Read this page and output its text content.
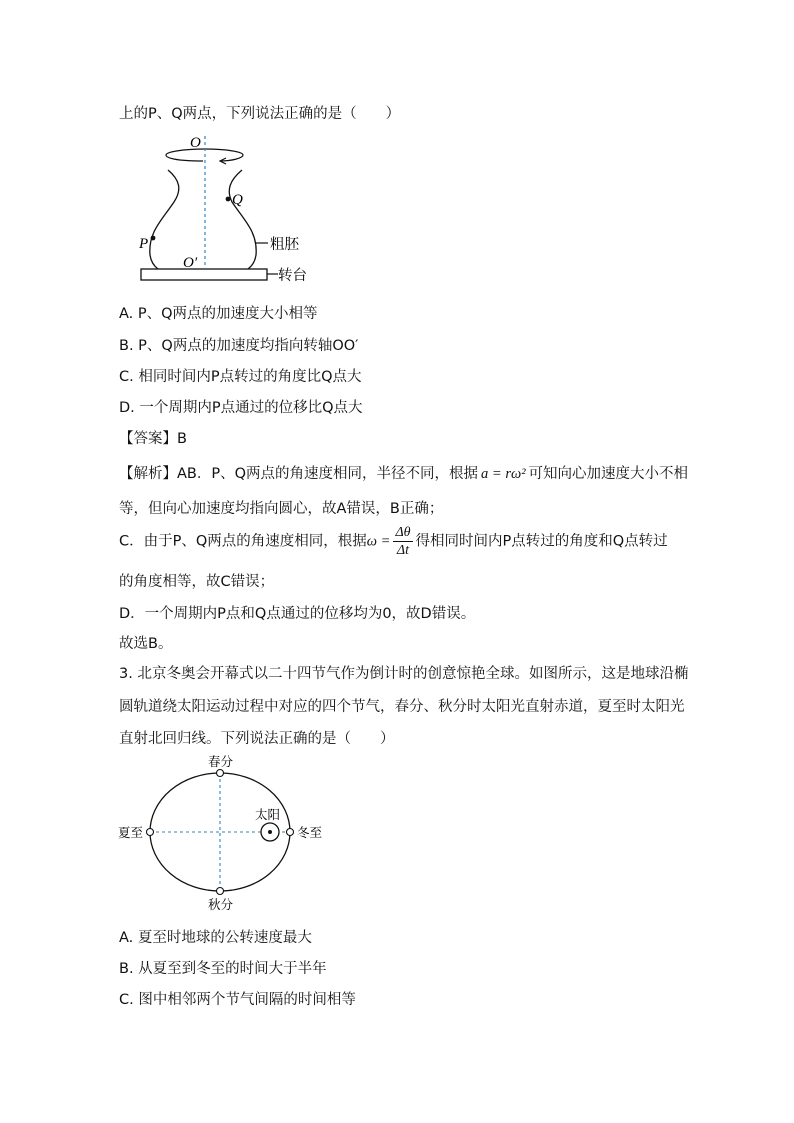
上的P、Q两点，下列说法正确的是（　　）
O
O′
P
Q
粗胚
转台
A. P、Q两点的加速度大小相等
B. P、Q两点的加速度均指向转轴OO′
C. 相同时间内P点转过的角度比Q点大
D. 一个周期内P点通过的位移比Q点大
【答案】B
【解析】AB．P、Q两点的角速度相同，半径不同，根据 a = rω² 可知向心加速度大小不相
等，但向心加速度均指向圆心，故A错误，B正确；
C．由于P、Q两点的角速度相同，根据$\omega = \frac{\Delta\theta}{\Delta t}$ 得相同时间内P点转过的角度和Q点转过
的角度相等，故C错误；
D．一个周期内P点和Q点通过的位移均为0，故D错误。
故选B。
3. 北京冬奥会开幕式以二十四节气作为倒计时的创意惊艳全球。如图所示，这是地球沿椭
圆轨道绕太阳运动过程中对应的四个节气，春分、秋分时太阳光直射赤道，夏至时太阳光
直射北回归线。下列说法正确的是（　　）
春分
秋分
夏至	冬至
太阳
A. 夏至时地球的公转速度最大
B. 从夏至到冬至的时间大于半年
C. 图中相邻两个节气间隔的时间相等
